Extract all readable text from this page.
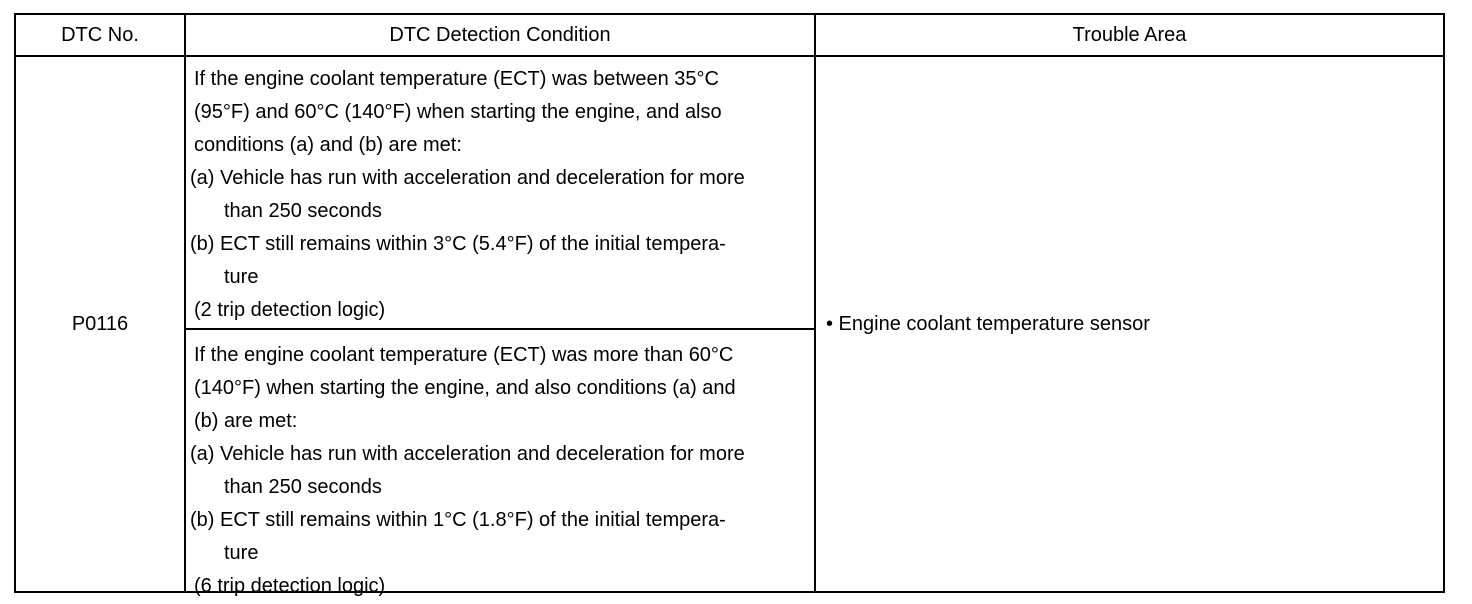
DTC No.	DTC Detection Condition	Trouble Area
P0116
If the engine coolant temperature (ECT) was between 35°C
(95°F) and 60°C (140°F) when starting the engine, and also
conditions (a) and (b) are met:
(a) Vehicle has run with acceleration and deceleration for more
than 250 seconds
(b) ECT still remains within 3°C (5.4°F) of the initial tempera-
ture
(2 trip detection logic)
If the engine coolant temperature (ECT) was more than 60°C
(140°F) when starting the engine, and also conditions (a) and
(b) are met:
(a) Vehicle has run with acceleration and deceleration for more
than 250 seconds
(b) ECT still remains within 1°C (1.8°F) of the initial tempera-
ture
(6 trip detection logic)
• Engine coolant temperature sensor
